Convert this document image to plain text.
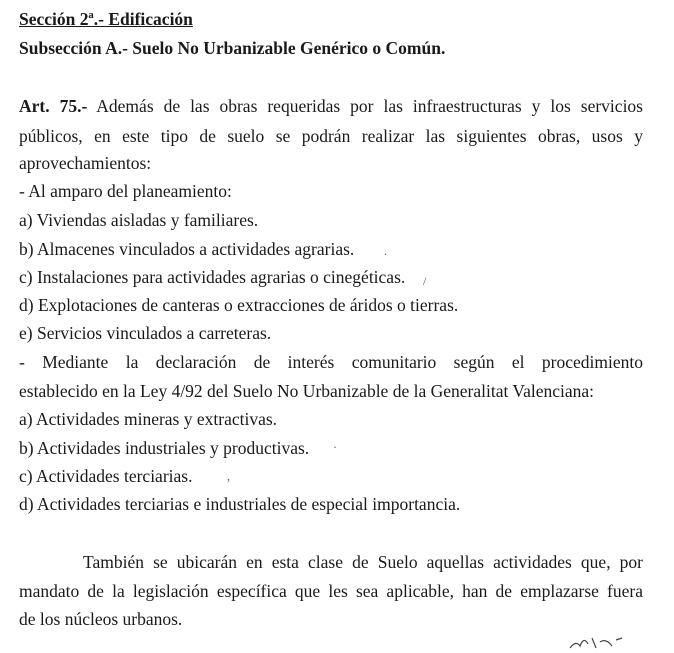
Sección 2ª.- Edificación
Subsección A.- Suelo No Urbanizable Genérico o Común.
Art. 75.- Además de las obras requeridas por las infraestructuras y los servicios
públicos, en este tipo de suelo se podrán realizar las siguientes obras, usos y
aprovechamientos:
- Al amparo del planeamiento:
a) Viviendas aisladas y familiares.
b) Almacenes vinculados a actividades agrarias.
c) Instalaciones para actividades agrarias o cinegéticas.
d) Explotaciones de canteras o extracciones de áridos o tierras.
e) Servicios vinculados a carreteras.
- Mediante la declaración de interés comunitario según el procedimiento
establecido en la Ley 4/92 del Suelo No Urbanizable de la Generalitat Valenciana:
a) Actividades mineras y extractivas.
b) Actividades industriales y productivas.
c) Actividades terciarias.
d) Actividades terciarias e industriales de especial importancia.
También se ubicarán en esta clase de Suelo aquellas actividades que, por
mandato de la legislación específica que les sea aplicable, han de emplazarse fuera
de los núcleos urbanos.
.
/
·
,
